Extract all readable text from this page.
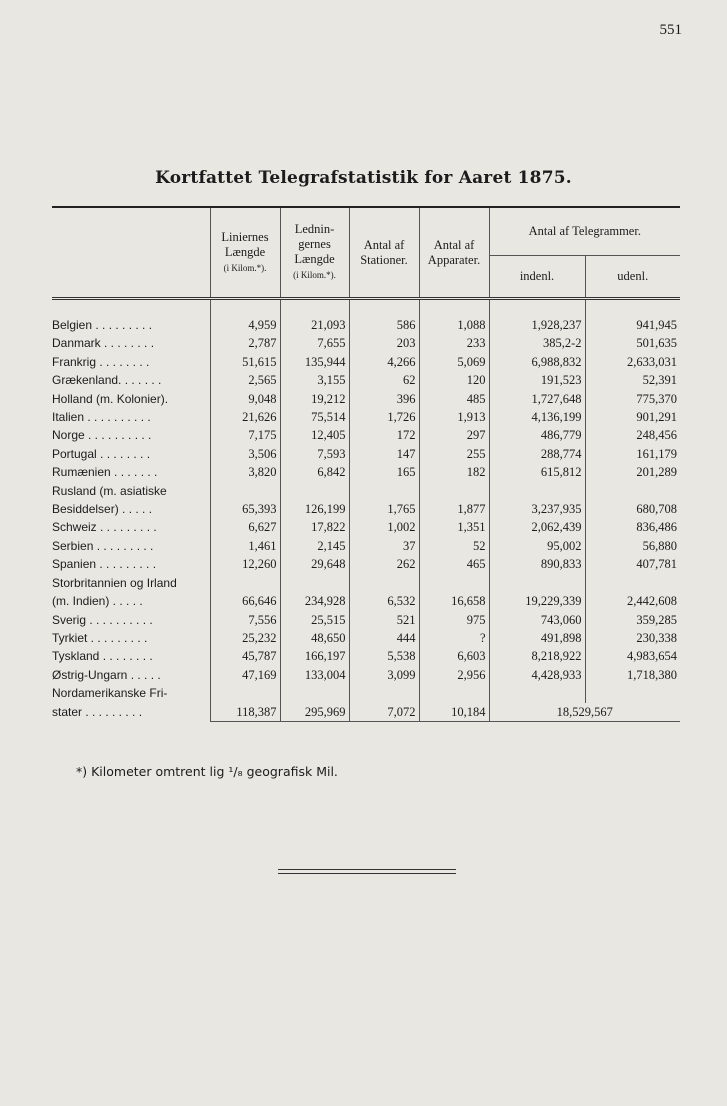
551
Kortfattet Telegrafstatistik for Aaret 1875.
	Liniernes
Længde
(i Kilom.*).	Lednin-
gernes
Længde
(i Kilom.*).	Antal af
Stationer.	Antal af
Apparater.	Antal af Telegrammer.	
					indenl.	udenl.

Belgien . . . . . . . . .	4,959	21,093	586	1,088	1,928,237	941,945
Danmark . . . . . . . .	2,787	7,655	203	233	385,2-2	501,635
Frankrig . . . . . . . .	51,615	135,944	4,266	5,069	6,988,832	2,633,031
Grækenland. . . . . . .	2,565	3,155	62	120	191,523	52,391
Holland (m. Kolonier).	9,048	19,212	396	485	1,727,648	775,370
Italien . . . . . . . . . .	21,626	75,514	1,726	1,913	4,136,199	901,291
Norge . . . . . . . . . .	7,175	12,405	172	297	486,779	248,456
Portugal . . . . . . . .	3,506	7,593	147	255	288,774	161,179
Rumænien . . . . . . .	3,820	6,842	165	182	615,812	201,289
Rusland (m. asiatiske						
Besiddelser) . . . . .	65,393	126,199	1,765	1,877	3,237,935	680,708
Schweiz . . . . . . . . .	6,627	17,822	1,002	1,351	2,062,439	836,486
Serbien . . . . . . . . .	1,461	2,145	37	52	95,002	56,880
Spanien . . . . . . . . .	12,260	29,648	262	465	890,833	407,781
Storbritannien og Irland						
(m. Indien) . . . . .	66,646	234,928	6,532	16,658	19,229,339	2,442,608
Sverig . . . . . . . . . .	7,556	25,515	521	975	743,060	359,285
Tyrkiet . . . . . . . . .	25,232	48,650	444	?	491,898	230,338
Tyskland . . . . . . . .	45,787	166,197	5,538	6,603	8,218,922	4,983,654
Østrig-Ungarn . . . . .	47,169	133,004	3,099	2,956	4,428,933	1,718,380
Nordamerikanske Fri-						
stater . . . . . . . . .	118,387	295,969	7,072	10,184	18,529,567	
*) Kilometer omtrent lig ¹/₈ geografisk Mil.
